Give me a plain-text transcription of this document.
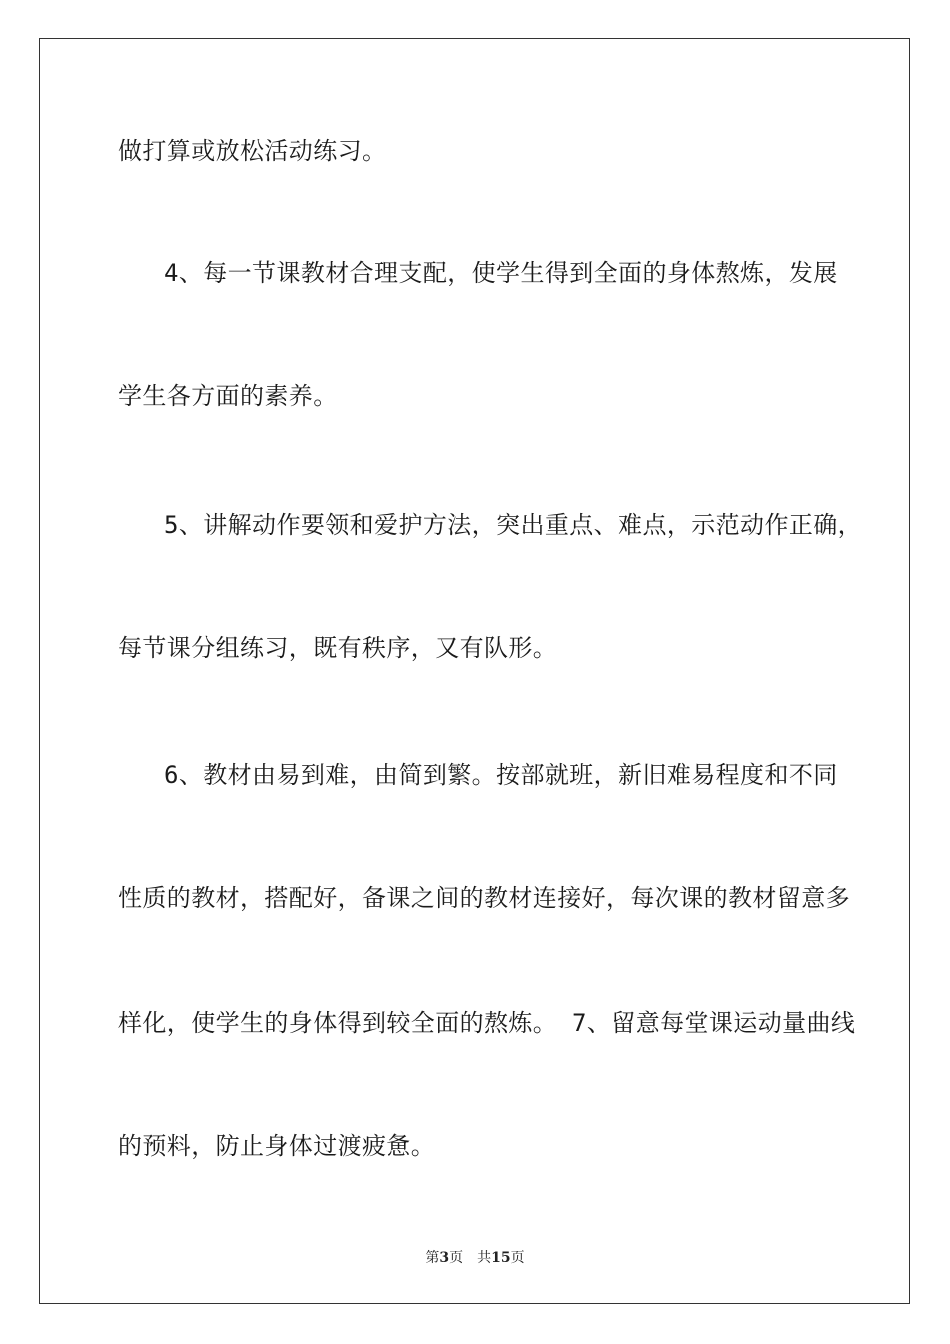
做打算或放松活动练习。
4、每一节课教材合理支配，使学生得到全面的身体熬炼，发展
学生各方面的素养。
5、讲解动作要领和爱护方法，突出重点、难点，示范动作正确，
每节课分组练习，既有秩序，又有队形。
6、教材由易到难，由简到繁。按部就班，新旧难易程度和不同
性质的教材，搭配好，备课之间的教材连接好，每次课的教材留意多
样化，使学生的身体得到较全面的熬炼。 7、留意每堂课运动量曲线
的预料，防止身体过渡疲惫。
第3页 共15页
